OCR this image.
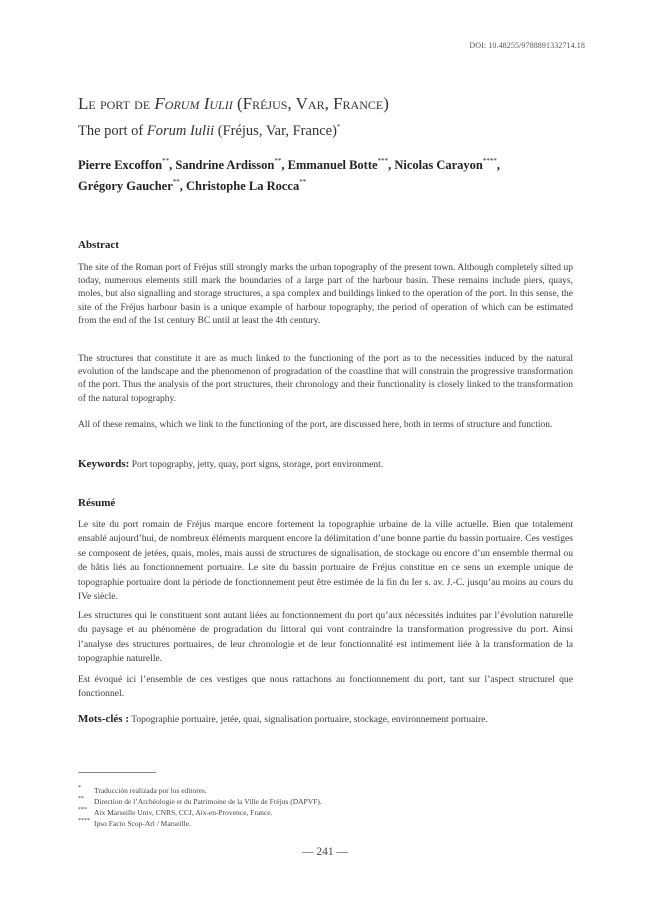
DOI: 10.48255/9788891332714.18
Le port de Forum Iulii (Fréjus, Var, France)
The port of Forum Iulii (Fréjus, Var, France)*
Pierre Excoffon**, Sandrine Ardisson**, Emmanuel Botte***, Nicolas Carayon****,
Grégory Gaucher**, Christophe La Rocca**
Abstract
The site of the Roman port of Fréjus still strongly marks the urban topography of the present town. Although completely silted up today, numerous elements still mark the boundaries of a large part of the harbour basin. These remains include piers, quays, moles, but also signalling and storage structures, a spa complex and buildings linked to the operation of the port. In this sense, the site of the Fréjus harbour basin is a unique example of harbour topography, the period of operation of which can be estimated from the end of the 1st century BC until at least the 4th century.
The structures that constitute it are as much linked to the functioning of the port as to the necessities induced by the natural evolution of the landscape and the phenomenon of progradation of the coastline that will constrain the progressive transformation of the port. Thus the analysis of the port structures, their chronology and their functionality is closely linked to the transformation of the natural topography.
All of these remains, which we link to the functioning of the port, are discussed here, both in terms of structure and function.
Keywords: Port topography, jetty, quay, port signs, storage, port environment.
Résumé
Le site du port romain de Fréjus marque encore fortement la topographie urbaine de la ville actuelle. Bien que totalement ensablé aujourd’hui, de nombreux éléments marquent encore la délimitation d’une bonne partie du bassin portuaire. Ces vestiges se composent de jetées, quais, moles, mais aussi de structures de signalisation, de stockage ou encore d’un ensemble thermal ou de bâtis liés au fonctionnement portuaire. Le site du bassin portuaire de Fréjus constitue en ce sens un exemple unique de topographie portuaire dont la période de fonctionnement peut être estimée de la fin du Ier s. av. J.-C. jusqu’au moins au cours du IVe siècle.
Les structures qui le constituent sont autant liées au fonctionnement du port qu’aux nécessités induites par l’évolution naturelle du paysage et au phénomène de progradation du littoral qui vont contraindre la transformation progressive du port. Ainsi l’analyse des structures portuaires, de leur chronologie et de leur fonctionnalité est intimement liée à la transformation de la topographie naturelle.
Est évoqué ici l’ensemble de ces vestiges que nous rattachons au fonctionnement du port, tant sur l’aspect structurel que fonctionnel.
Mots-clés : Topographie portuaire, jetée, quai, signalisation portuaire, stockage, environnement portuaire.
* Traducción realizada por los editores.
** Direction de l’Archéologie et du Patrimoine de la Ville de Fréjus (DAPVF).
*** Aix Marseille Univ, CNRS, CCJ, Aix-en-Provence, France.
**** Ipso Facto Scop-Arl / Marseille.
— 241 —
